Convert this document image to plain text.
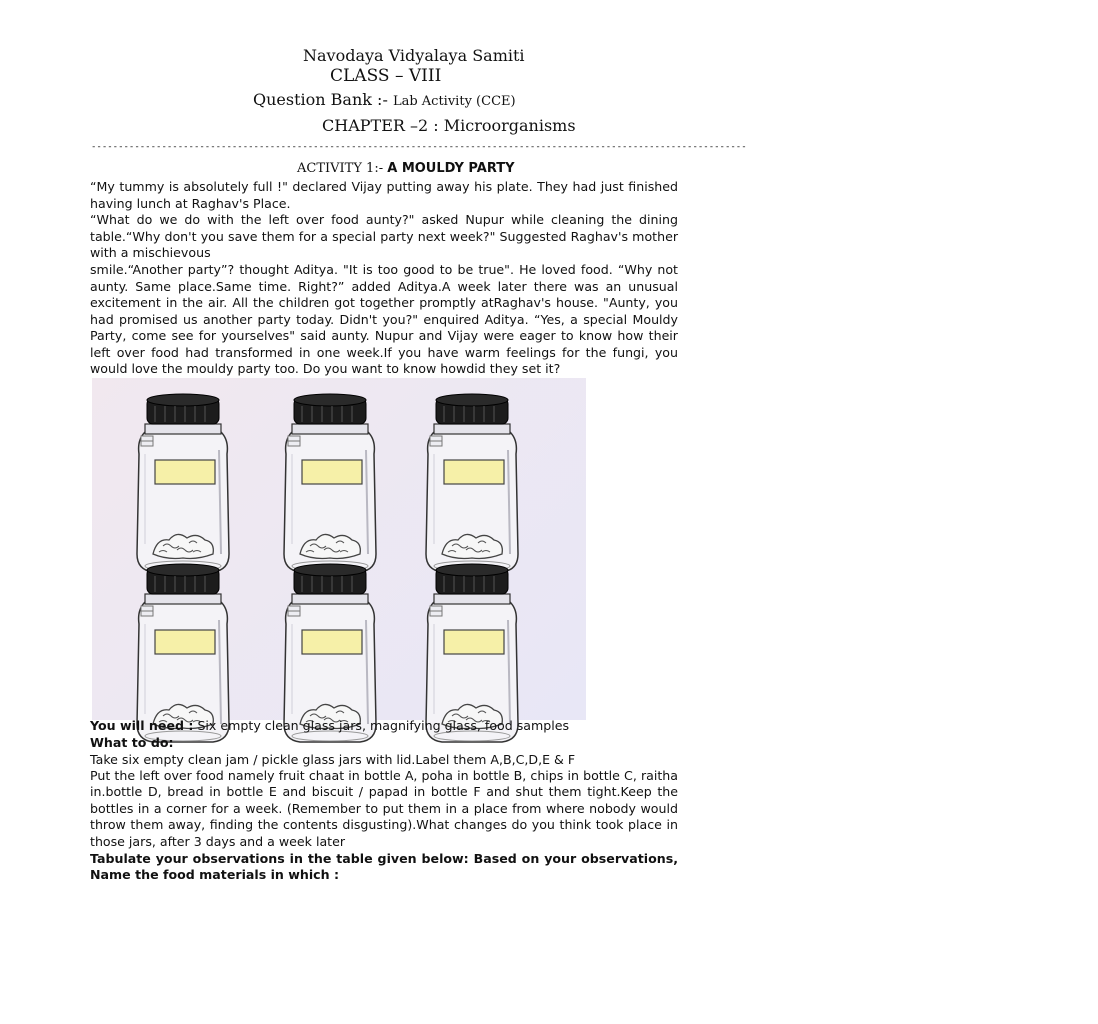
Navodaya Vidyalaya Samiti
CLASS – VIII
Question Bank :- Lab Activity (CCE)
CHAPTER –2 : Microorganisms
-------------------------------------------------------------------------------------------------------------------------
ACTIVITY 1:- A MOULDY PARTY

“My tummy is absolutely full !" declared Vijay putting away his plate. They had just finished having lunch at Raghav's Place.

“What do we do with the left over food aunty?" asked Nupur while cleaning the dining table.“Why don't you save them for a special party next week?" Suggested Raghav's mother with a mischievous

smile.“Another party”? thought Aditya. "It is too good to be true". He loved food. “Why not aunty. Same place.Same time. Right?” added Aditya.A week later there was an unusual excitement in the air. All the children got together promptly atRaghav's house. "Aunty, you had promised us another party today. Didn't you?" enquired Aditya. “Yes, a special Mouldy Party, come see for yourselves" said aunty. Nupur and Vijay were eager to know how their left over food had transformed in one week.If you have warm feelings for the fungi, you would love the mouldy party too. Do you want to know howdid they set it?

You will need : Six empty clean glass jars, magnifying glass, food samples

What to do:

Take six empty clean jam / pickle glass jars with lid.Label them A,B,C,D,E & F

Put the left over food namely fruit chaat in bottle A, poha in bottle B, chips in bottle C, raitha in.bottle D, bread in bottle E and biscuit / papad in bottle F and shut them tight.Keep the bottles in a corner for a week. (Remember to put them in a place from where nobody would throw them away, finding the contents disgusting).What changes do you think took place in those jars, after 3 days and a week later

Tabulate your observations in the table given below: Based on your observations, Name the food materials in which :
